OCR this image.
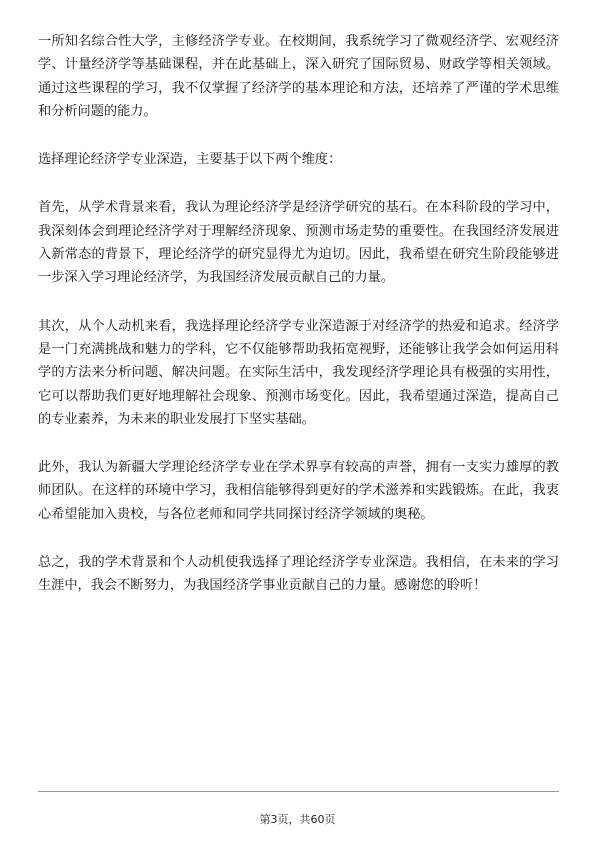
一所知名综合性大学，主修经济学专业。在校期间，我系统学习了微观经济学、宏观经济学、计量经济学等基础课程，并在此基础上，深入研究了国际贸易、财政学等相关领域。通过这些课程的学习，我不仅掌握了经济学的基本理论和方法，还培养了严谨的学术思维和分析问题的能力。

选择理论经济学专业深造，主要基于以下两个维度：

首先，从学术背景来看，我认为理论经济学是经济学研究的基石。在本科阶段的学习中，我深刻体会到理论经济学对于理解经济现象、预测市场走势的重要性。在我国经济发展进入新常态的背景下，理论经济学的研究显得尤为迫切。因此，我希望在研究生阶段能够进一步深入学习理论经济学，为我国经济发展贡献自己的力量。

其次，从个人动机来看，我选择理论经济学专业深造源于对经济学的热爱和追求。经济学是一门充满挑战和魅力的学科，它不仅能够帮助我拓宽视野，还能够让我学会如何运用科学的方法来分析问题、解决问题。在实际生活中，我发现经济学理论具有极强的实用性，它可以帮助我们更好地理解社会现象、预测市场变化。因此，我希望通过深造，提高自己的专业素养，为未来的职业发展打下坚实基础。

此外，我认为新疆大学理论经济学专业在学术界享有较高的声誉，拥有一支实力雄厚的教师团队。在这样的环境中学习，我相信能够得到更好的学术滋养和实践锻炼。在此，我衷心希望能加入贵校，与各位老师和同学共同探讨经济学领域的奥秘。

总之，我的学术背景和个人动机使我选择了理论经济学专业深造。我相信，在未来的学习生涯中，我会不断努力，为我国经济学事业贡献自己的力量。感谢您的聆听！

第3页，共60页
